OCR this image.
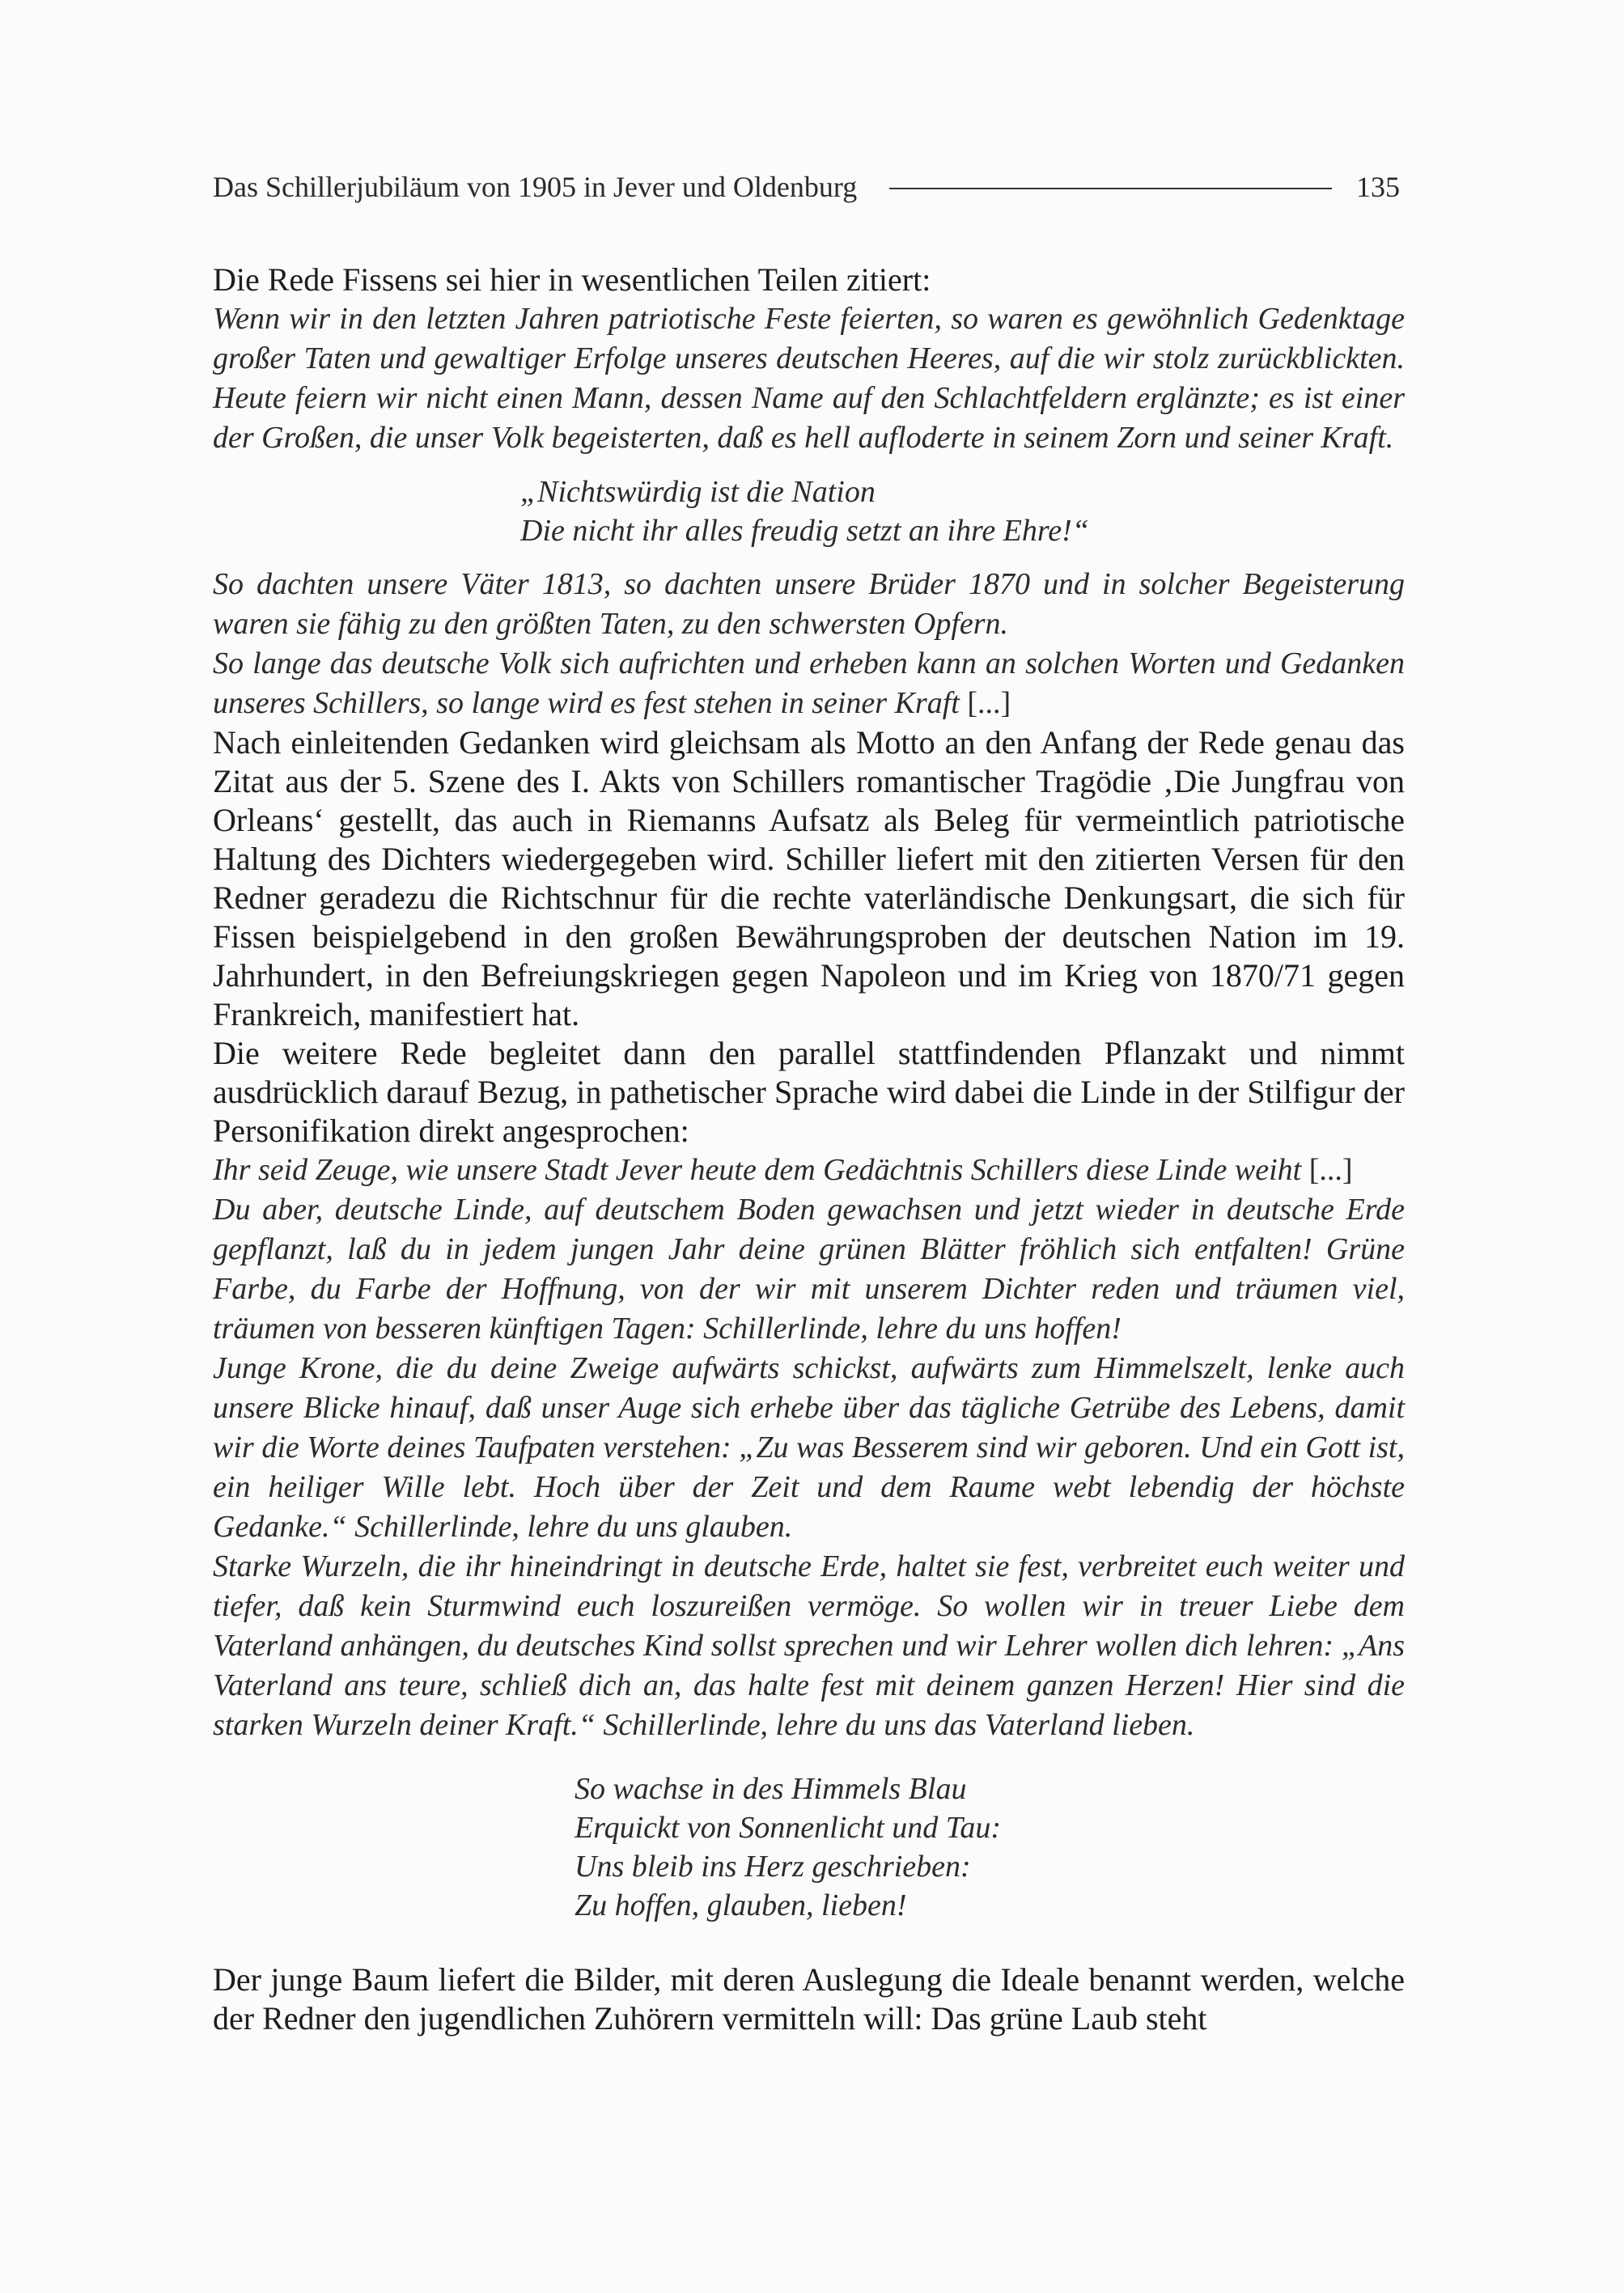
Das Schillerjubiläum von 1905 in Jever und Oldenburg	135

Die Rede Fissens sei hier in wesentlichen Teilen zitiert:

Wenn wir in den letzten Jahren patriotische Feste feierten, so waren es gewöhnlich Gedenktage großer Taten und gewaltiger Erfolge unseres deutschen Heeres, auf die wir stolz zurückblickten. Heute feiern wir nicht einen Mann, dessen Name auf den Schlachtfeldern erglänzte; es ist einer der Großen, die unser Volk begeisterten, daß es hell aufloderte in seinem Zorn und seiner Kraft.

„Nichtswürdig ist die Nation
Die nicht ihr alles freudig setzt an ihre Ehre!“

So dachten unsere Väter 1813, so dachten unsere Brüder 1870 und in solcher Begeisterung waren sie fähig zu den größten Taten, zu den schwersten Opfern.

So lange das deutsche Volk sich aufrichten und erheben kann an solchen Worten und Gedanken unseres Schillers, so lange wird es fest stehen in seiner Kraft [...]

Nach einleitenden Gedanken wird gleichsam als Motto an den Anfang der Rede genau das Zitat aus der 5. Szene des I. Akts von Schillers romantischer Tragödie ‚Die Jungfrau von Orleans‘ gestellt, das auch in Riemanns Aufsatz als Beleg für vermeintlich patriotische Haltung des Dichters wiedergegeben wird. Schiller liefert mit den zitierten Versen für den Redner geradezu die Richtschnur für die rechte vaterländische Denkungsart, die sich für Fissen beispielgebend in den großen Bewährungsproben der deutschen Nation im 19. Jahrhundert, in den Befreiungskriegen gegen Napoleon und im Krieg von 1870/71 gegen Frankreich, manifestiert hat.

Die weitere Rede begleitet dann den parallel stattfindenden Pflanzakt und nimmt ausdrücklich darauf Bezug, in pathetischer Sprache wird dabei die Linde in der Stilfigur der Personifikation direkt angesprochen:

Ihr seid Zeuge, wie unsere Stadt Jever heute dem Gedächtnis Schillers diese Linde weiht [...]

Du aber, deutsche Linde, auf deutschem Boden gewachsen und jetzt wieder in deutsche Erde gepflanzt, laß du in jedem jungen Jahr deine grünen Blätter fröhlich sich entfalten! Grüne Farbe, du Farbe der Hoffnung, von der wir mit unserem Dichter reden und träumen viel, träumen von besseren künftigen Tagen: Schillerlinde, lehre du uns hoffen!

Junge Krone, die du deine Zweige aufwärts schickst, aufwärts zum Himmelszelt, lenke auch unsere Blicke hinauf, daß unser Auge sich erhebe über das tägliche Getrübe des Lebens, damit wir die Worte deines Taufpaten verstehen: „Zu was Besserem sind wir geboren. Und ein Gott ist, ein heiliger Wille lebt. Hoch über der Zeit und dem Raume webt lebendig der höchste Gedanke.“ Schillerlinde, lehre du uns glauben.

Starke Wurzeln, die ihr hineindringt in deutsche Erde, haltet sie fest, verbreitet euch weiter und tiefer, daß kein Sturmwind euch loszureißen vermöge. So wollen wir in treuer Liebe dem Vaterland anhängen, du deutsches Kind sollst sprechen und wir Lehrer wollen dich lehren: „Ans Vaterland ans teure, schließ dich an, das halte fest mit deinem ganzen Herzen! Hier sind die starken Wurzeln deiner Kraft.“ Schillerlinde, lehre du uns das Vaterland lieben.

So wachse in des Himmels Blau
Erquickt von Sonnenlicht und Tau:
Uns bleib ins Herz geschrieben:
Zu hoffen, glauben, lieben!

Der junge Baum liefert die Bilder, mit deren Auslegung die Ideale benannt werden, welche der Redner den jugendlichen Zuhörern vermitteln will: Das grüne Laub steht
